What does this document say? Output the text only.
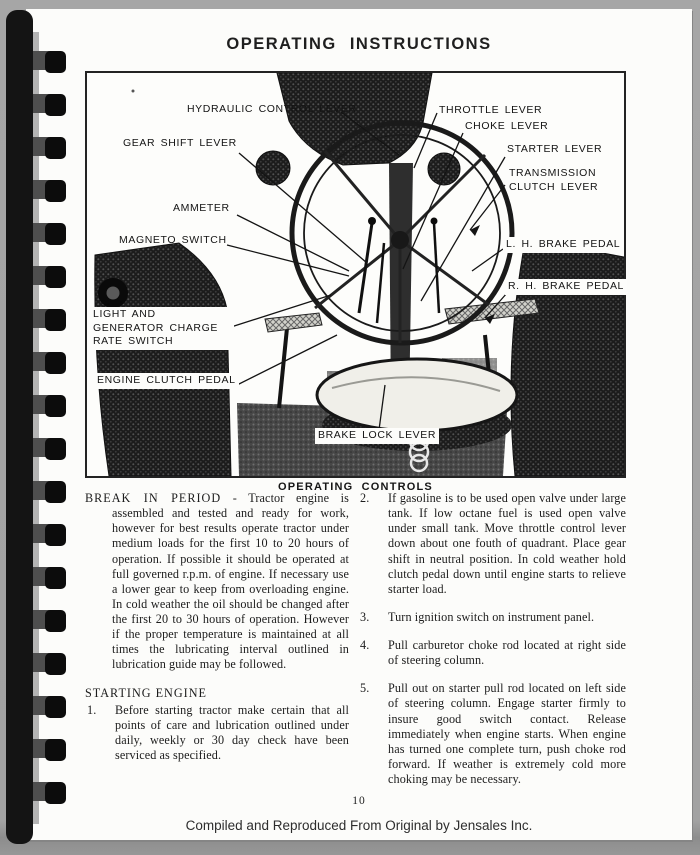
OPERATING INSTRUCTIONS
HYDRAULIC CONTROL LEVER	THROTTLE LEVER
CHOKE LEVER
GEAR SHIFT LEVER	STARTER LEVER
TRANSMISSION CLUTCH LEVER
AMMETER
MAGNETO SWITCH	L. H. BRAKE PEDAL
R. H. BRAKE PEDAL
LIGHT AND GENERATOR CHARGE RATE SWITCH
ENGINE CLUTCH PEDAL
BRAKE LOCK LEVER
OPERATING CONTROLS

BREAK IN PERIOD - Tractor engine is assembled and tested and ready for work, however for best results operate tractor under medium loads for the first 10 to 20 hours of operation. If possible it should be operated at full governed r.p.m. of engine. If necessary use a lower gear to keep from overloading engine. In cold weather the oil should be changed after the first 20 to 30 hours of operation. However if the proper temperature is maintained at all times the lubricating interval outlined in lubrication guide may be followed.

STARTING ENGINE
1. Before starting tractor make certain that all points of care and lubrication outlined under daily, weekly or 30 day check have been serviced as specified.
2. If gasoline is to be used open valve under large tank. If low octane fuel is used open valve under small tank. Move throttle control lever down about one fouth of quadrant. Place gear shift in neutral position. In cold weather hold clutch pedal down until engine starts to relieve starter load.
3. Turn ignition switch on instrument panel.
4. Pull carburetor choke rod located at right side of steering column.
5. Pull out on starter pull rod located on left side of steering column. Engage starter firmly to insure good switch contact. Release immediately when engine starts. When engine has turned one complete turn, push choke rod forward. If weather is extremely cold more choking may be necessary.
10
Compiled and Reproduced From Original by Jensales Inc.
